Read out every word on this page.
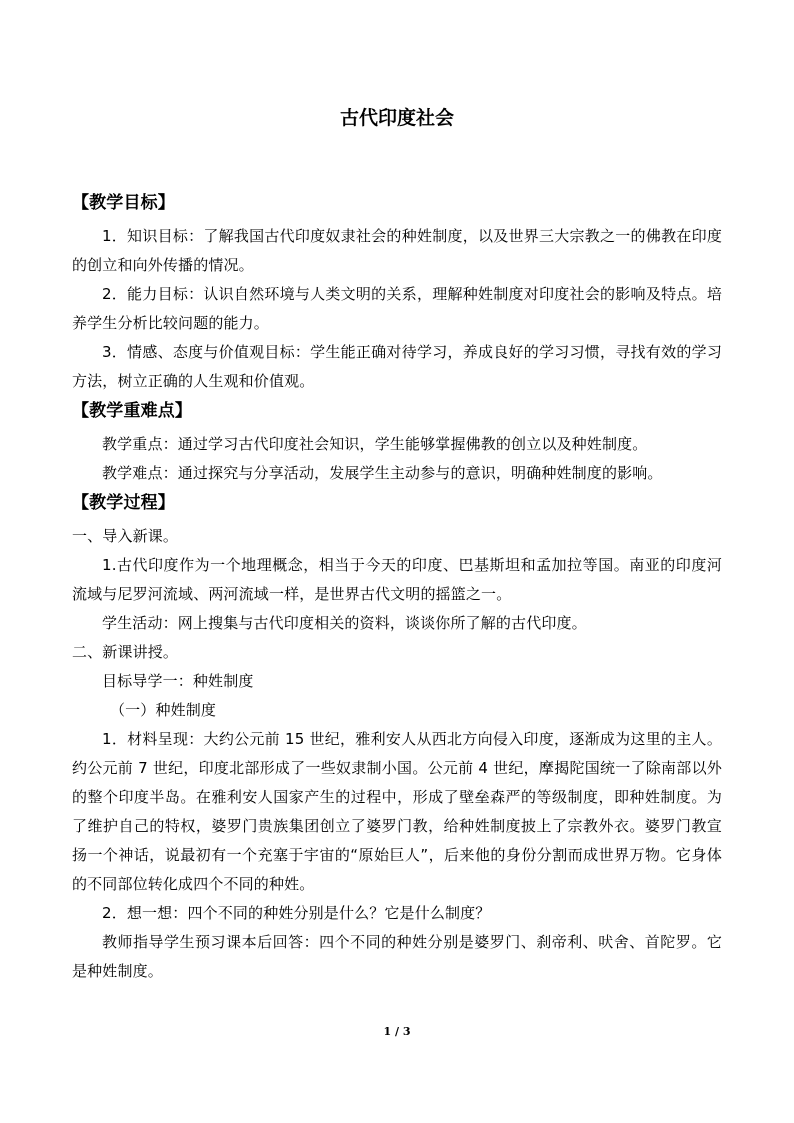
古代印度社会
【教学目标】

1．知识目标：了解我国古代印度奴隶社会的种姓制度，以及世界三大宗教之一的佛教在印度的创立和向外传播的情况。

2．能力目标：认识自然环境与人类文明的关系，理解种姓制度对印度社会的影响及特点。培养学生分析比较问题的能力。

3．情感、态度与价值观目标：学生能正确对待学习，养成良好的学习习惯，寻找有效的学习方法，树立正确的人生观和价值观。

【教学重难点】

教学重点：通过学习古代印度社会知识，学生能够掌握佛教的创立以及种姓制度。

教学难点：通过探究与分享活动，发展学生主动参与的意识，明确种姓制度的影响。

【教学过程】

一、导入新课。

1.古代印度作为一个地理概念，相当于今天的印度、巴基斯坦和孟加拉等国。南亚的印度河流域与尼罗河流域、两河流域一样，是世界古代文明的摇篮之一。

学生活动：网上搜集与古代印度相关的资料，谈谈你所了解的古代印度。

二、新课讲授。

目标导学一：种姓制度

（一）种姓制度

1．材料呈现：大约公元前 15 世纪，雅利安人从西北方向侵入印度，逐渐成为这里的主人。约公元前 7 世纪，印度北部形成了一些奴隶制小国。公元前 4 世纪，摩揭陀国统一了除南部以外的整个印度半岛。在雅利安人国家产生的过程中，形成了壁垒森严的等级制度，即种姓制度。为了维护自己的特权，婆罗门贵族集团创立了婆罗门教，给种姓制度披上了宗教外衣。婆罗门教宣扬一个神话，说最初有一个充塞于宇宙的“原始巨人”，后来他的身份分割而成世界万物。它身体的不同部位转化成四个不同的种姓。

2．想一想：四个不同的种姓分别是什么？它是什么制度？

教师指导学生预习课本后回答：四个不同的种姓分别是婆罗门、刹帝利、吠舍、首陀罗。它是种姓制度。

1 / 3
